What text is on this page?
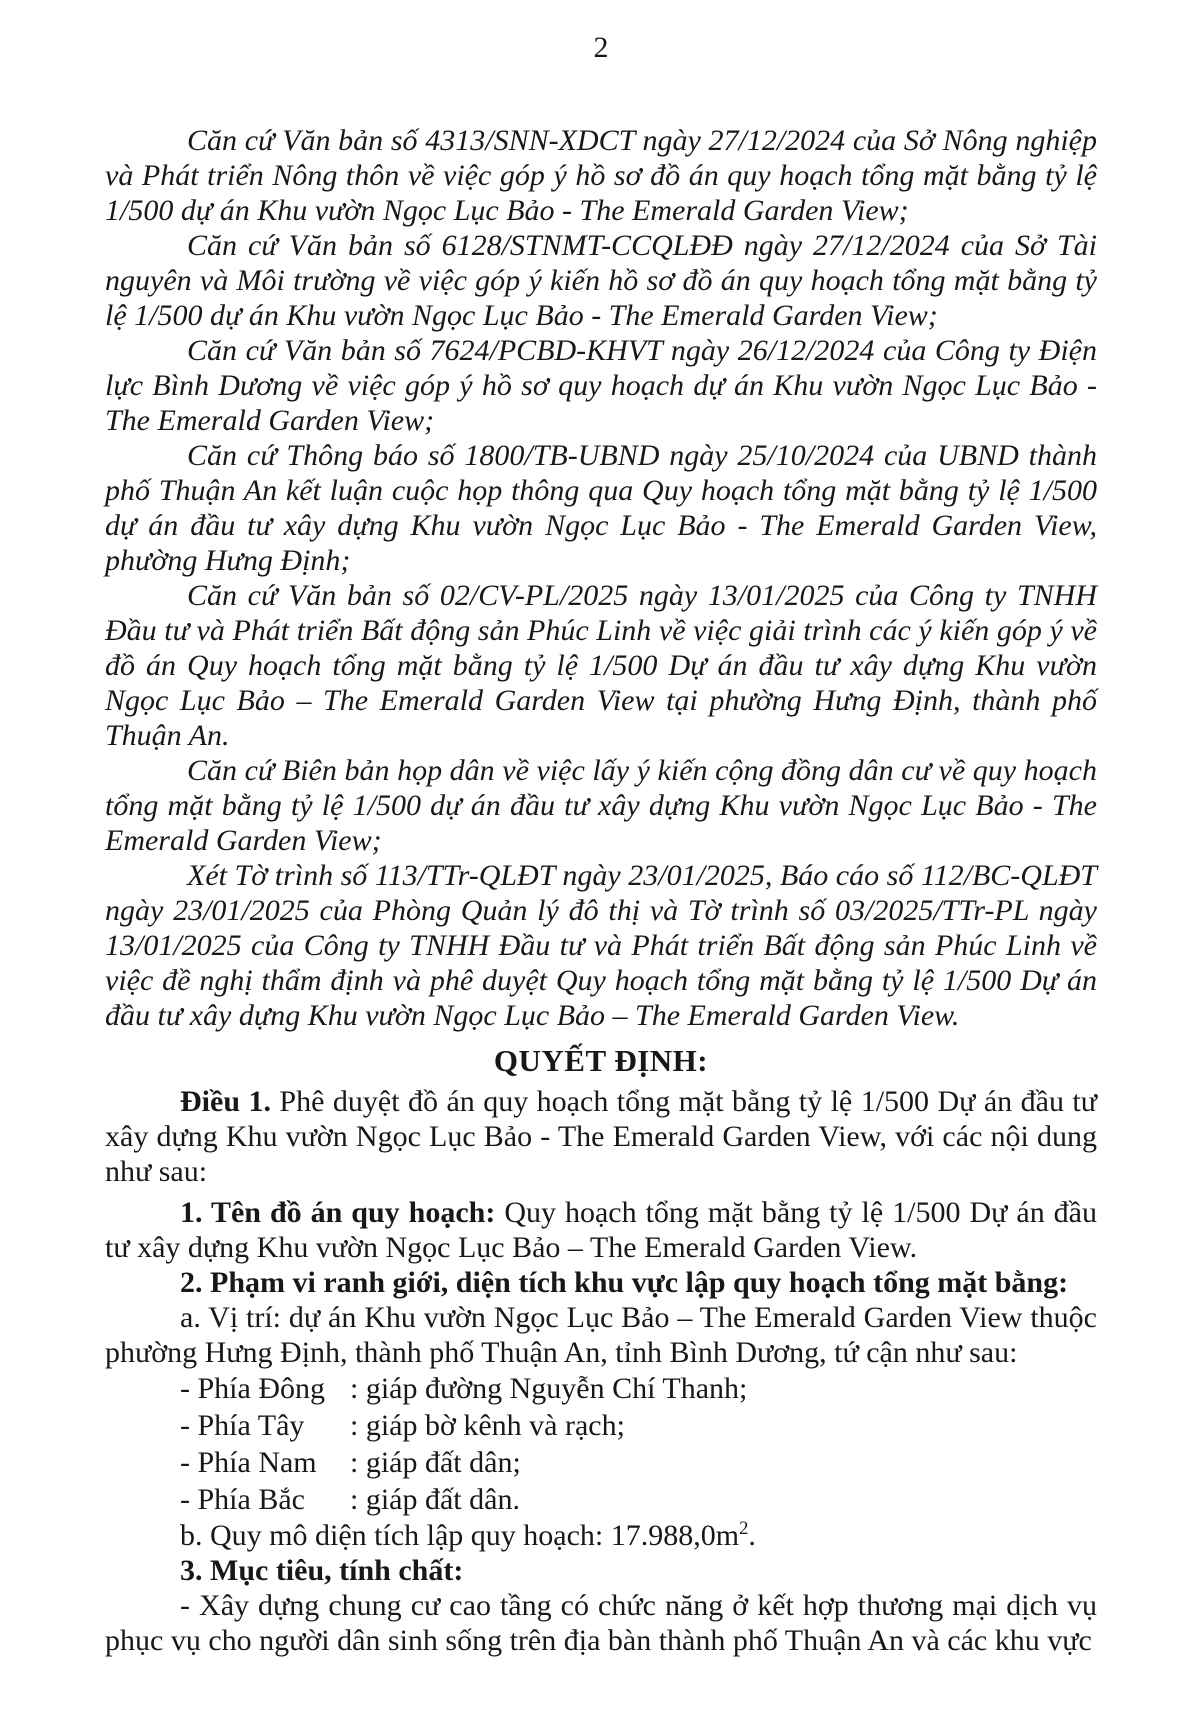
2

Căn cứ Văn bản số 4313/SNN-XDCT ngày 27/12/2024 của Sở Nông nghiệp và Phát triển Nông thôn về việc góp ý hồ sơ đồ án quy hoạch tổng mặt bằng tỷ lệ 1/500 dự án Khu vườn Ngọc Lục Bảo - The Emerald Garden View;

Căn cứ Văn bản số 6128/STNMT-CCQLĐĐ ngày 27/12/2024 của Sở Tài nguyên và Môi trường về việc góp ý kiến hồ sơ đồ án quy hoạch tổng mặt bằng tỷ lệ 1/500 dự án Khu vườn Ngọc Lục Bảo - The Emerald Garden View;

Căn cứ Văn bản số 7624/PCBD-KHVT ngày 26/12/2024 của Công ty Điện lực Bình Dương về việc góp ý hồ sơ quy hoạch dự án Khu vườn Ngọc Lục Bảo - The Emerald Garden View;

Căn cứ Thông báo số 1800/TB-UBND ngày 25/10/2024 của UBND thành phố Thuận An kết luận cuộc họp thông qua Quy hoạch tổng mặt bằng tỷ lệ 1/500 dự án đầu tư xây dựng Khu vườn Ngọc Lục Bảo - The Emerald Garden View, phường Hưng Định;

Căn cứ Văn bản số 02/CV-PL/2025 ngày 13/01/2025 của Công ty TNHH Đầu tư và Phát triển Bất động sản Phúc Linh về việc giải trình các ý kiến góp ý về đồ án Quy hoạch tổng mặt bằng tỷ lệ 1/500 Dự án đầu tư xây dựng Khu vườn Ngọc Lục Bảo – The Emerald Garden View tại phường Hưng Định, thành phố Thuận An.

Căn cứ Biên bản họp dân về việc lấy ý kiến cộng đồng dân cư về quy hoạch tổng mặt bằng tỷ lệ 1/500 dự án đầu tư xây dựng Khu vườn Ngọc Lục Bảo - The Emerald Garden View;

Xét Tờ trình số 113/TTr-QLĐT ngày 23/01/2025, Báo cáo số 112/BC-QLĐT ngày 23/01/2025 của Phòng Quản lý đô thị và Tờ trình số 03/2025/TTr-PL ngày 13/01/2025 của Công ty TNHH Đầu tư và Phát triển Bất động sản Phúc Linh về việc đề nghị thẩm định và phê duyệt Quy hoạch tổng mặt bằng tỷ lệ 1/500 Dự án đầu tư xây dựng Khu vườn Ngọc Lục Bảo – The Emerald Garden View.

QUYẾT ĐỊNH:

Điều 1. Phê duyệt đồ án quy hoạch tổng mặt bằng tỷ lệ 1/500 Dự án đầu tư xây dựng Khu vườn Ngọc Lục Bảo - The Emerald Garden View, với các nội dung như sau:

1. Tên đồ án quy hoạch: Quy hoạch tổng mặt bằng tỷ lệ 1/500 Dự án đầu tư xây dựng Khu vườn Ngọc Lục Bảo – The Emerald Garden View.

2. Phạm vi ranh giới, diện tích khu vực lập quy hoạch tổng mặt bằng:

a. Vị trí: dự án Khu vườn Ngọc Lục Bảo – The Emerald Garden View thuộc phường Hưng Định, thành phố Thuận An, tỉnh Bình Dương, tứ cận như sau:

- Phía Đông : giáp đường Nguyễn Chí Thanh;
- Phía Tây : giáp bờ kênh và rạch;
- Phía Nam : giáp đất dân;
- Phía Bắc : giáp đất dân.

b. Quy mô diện tích lập quy hoạch: $17.988,0m^2$.

3. Mục tiêu, tính chất:

- Xây dựng chung cư cao tầng có chức năng ở kết hợp thương mại dịch vụ phục vụ cho người dân sinh sống trên địa bàn thành phố Thuận An và các khu vực
